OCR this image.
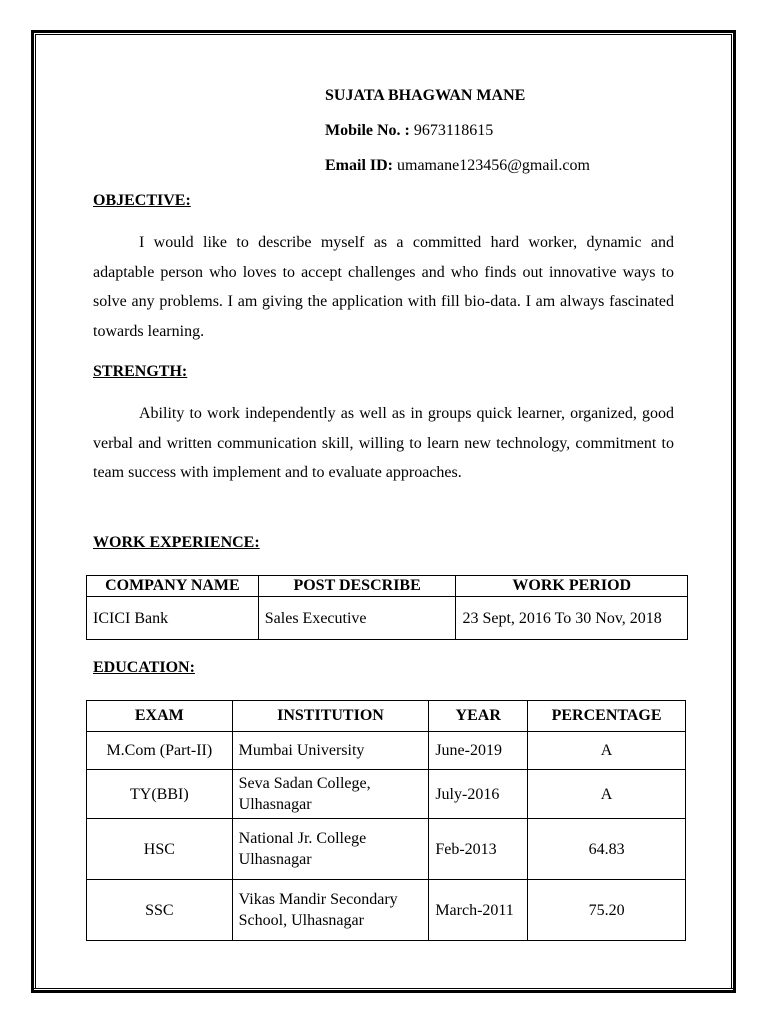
SUJATA BHAGWAN MANE
Mobile No. : 9673118615
Email ID: umamane123456@gmail.com
OBJECTIVE:

I would like to describe myself as a committed hard worker, dynamic and adaptable person who loves to accept challenges and who finds out innovative ways to solve any problems. I am giving the application with fill bio-data. I am always fascinated towards learning.

STRENGTH:

Ability to work independently as well as in groups quick learner, organized, good verbal and written communication skill, willing to learn new technology, commitment to team success with implement and to evaluate approaches.

WORK EXPERIENCE:
COMPANY NAME	POST DESCRIBE	WORK PERIOD
ICICI Bank	Sales Executive	23 Sept, 2016 To 30 Nov, 2018
EDUCATION:
EXAM	INSTITUTION	YEAR	PERCENTAGE
M.Com (Part-II)	Mumbai University	June-2019	A
TY(BBI)	Seva Sadan College, Ulhasnagar	July-2016	A
HSC	National Jr. College Ulhasnagar	Feb-2013	64.83
SSC	Vikas Mandir Secondary School, Ulhasnagar	March-2011	75.20
